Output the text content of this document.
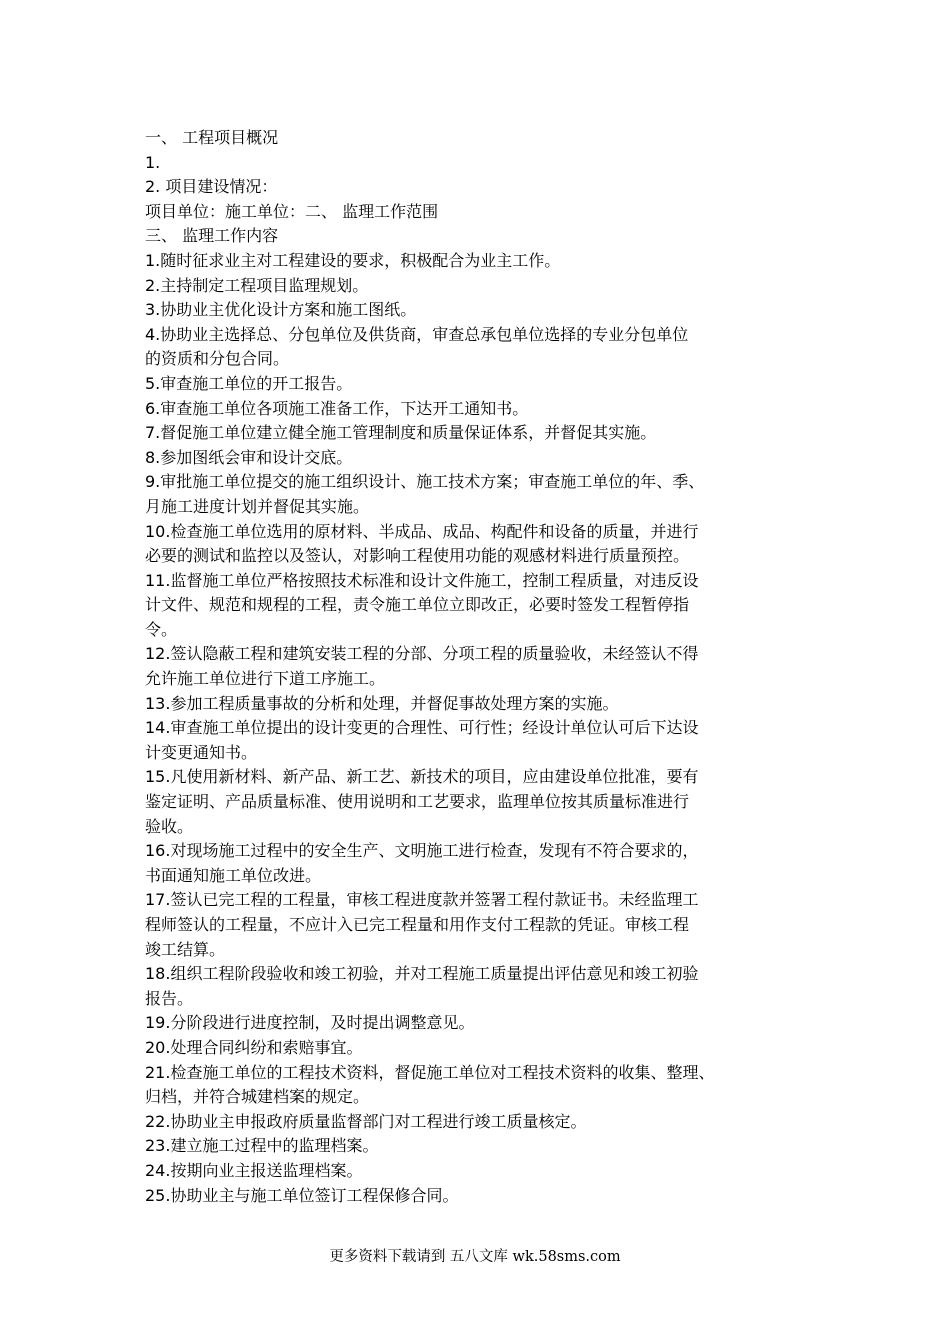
一、 工程项目概况
1.
2. 项目建设情况：
项目单位：施工单位：二、 监理工作范围
三、 监理工作内容
1.随时征求业主对工程建设的要求，积极配合为业主工作。
2.主持制定工程项目监理规划。
3.协助业主优化设计方案和施工图纸。
4.协助业主选择总、分包单位及供货商，审查总承包单位选择的专业分包单位
的资质和分包合同。
5.审查施工单位的开工报告。
6.审查施工单位各项施工准备工作，下达开工通知书。
7.督促施工单位建立健全施工管理制度和质量保证体系，并督促其实施。
8.参加图纸会审和设计交底。
9.审批施工单位提交的施工组织设计、施工技术方案；审查施工单位的年、季、
月施工进度计划并督促其实施。
10.检查施工单位选用的原材料、半成品、成品、构配件和设备的质量，并进行
必要的测试和监控以及签认，对影响工程使用功能的观感材料进行质量预控。
11.监督施工单位严格按照技术标准和设计文件施工，控制工程质量，对违反设
计文件、规范和规程的工程，责令施工单位立即改正，必要时签发工程暂停指
令。
12.签认隐蔽工程和建筑安装工程的分部、分项工程的质量验收，未经签认不得
允许施工单位进行下道工序施工。
13.参加工程质量事故的分析和处理，并督促事故处理方案的实施。
14.审查施工单位提出的设计变更的合理性、可行性；经设计单位认可后下达设
计变更通知书。
15.凡使用新材料、新产品、新工艺、新技术的项目，应由建设单位批准，要有
鉴定证明、产品质量标准、使用说明和工艺要求，监理单位按其质量标准进行
验收。
16.对现场施工过程中的安全生产、文明施工进行检查，发现有不符合要求的，
书面通知施工单位改进。
17.签认已完工程的工程量，审核工程进度款并签署工程付款证书。未经监理工
程师签认的工程量，不应计入已完工程量和用作支付工程款的凭证。审核工程
竣工结算。
18.组织工程阶段验收和竣工初验，并对工程施工质量提出评估意见和竣工初验
报告。
19.分阶段进行进度控制，及时提出调整意见。
20.处理合同纠纷和索赔事宜。
21.检查施工单位的工程技术资料，督促施工单位对工程技术资料的收集、整理、
归档，并符合城建档案的规定。
22.协助业主申报政府质量监督部门对工程进行竣工质量核定。
23.建立施工过程中的监理档案。
24.按期向业主报送监理档案。
25.协助业主与施工单位签订工程保修合同。
更多资料下载请到 五八文库 wk.58sms.com
